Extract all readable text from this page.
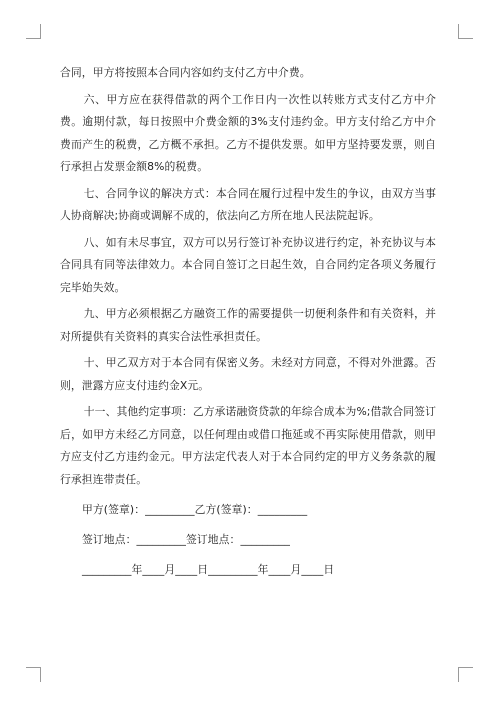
合同，甲方将按照本合同内容如约支付乙方中介费。

六、甲方应在获得借款的两个工作日内一次性以转账方式支付乙方中介费。逾期付款，每日按照中介费金额的3%支付违约金。甲方支付给乙方中介费而产生的税费，乙方概不承担。乙方不提供发票。如甲方坚持要发票，则自行承担占发票金额8%的税费。

七、合同争议的解决方式：本合同在履行过程中发生的争议，由双方当事人协商解决;协商或调解不成的，依法向乙方所在地人民法院起诉。

八、如有未尽事宜，双方可以另行签订补充协议进行约定，补充协议与本合同具有同等法律效力。本合同自签订之日起生效，自合同约定各项义务履行完毕始失效。

九、甲方必须根据乙方融资工作的需要提供一切便利条件和有关资料，并对所提供有关资料的真实合法性承担责任。

十、甲乙双方对于本合同有保密义务。未经对方同意，不得对外泄露。否则，泄露方应支付违约金X元。

十一、其他约定事项：乙方承诺融资贷款的年综合成本为%;借款合同签订后，如甲方未经乙方同意，以任何理由或借口拖延或不再实际使用借款，则甲方应支付乙方违约金元。甲方法定代表人对于本合同约定的甲方义务条款的履行承担连带责任。

甲方(签章)：_________乙方(签章)：_________
签订地点：_________签订地点：_________
_________年____月____日_________年____月____日
